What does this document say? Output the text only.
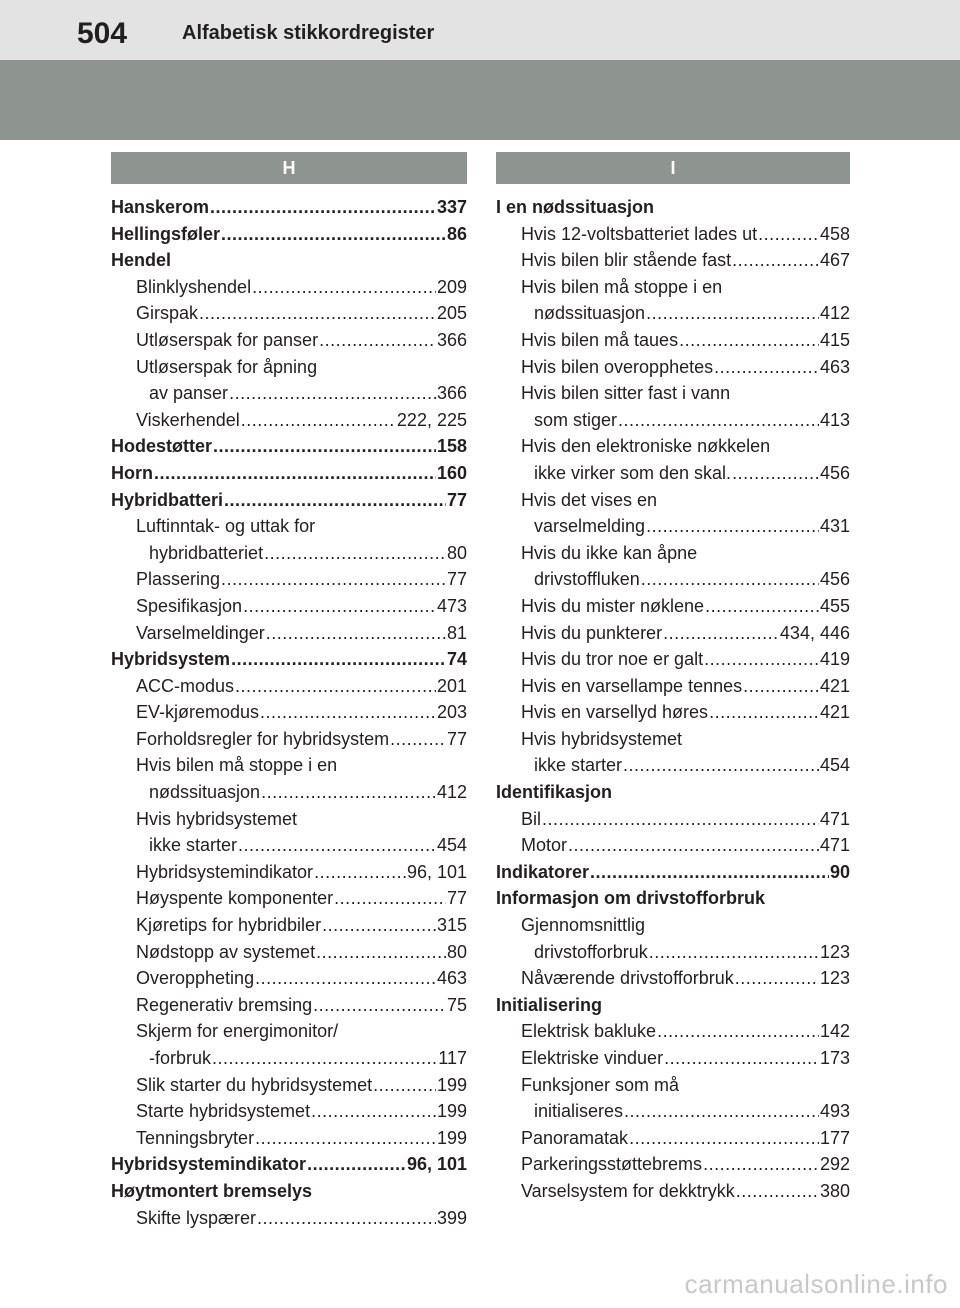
504	Alfabetisk stikkordregister
H
Hanskerom .....	337
Hellingsføler .....	86
Hendel
Blinklyshendel .....	209
Girspak .....	205
Utløserspak for panser .....	366
Utløserspak for åpning
av panser .....	366
Viskerhendel .....	222, 225
Hodestøtter .....	158
Horn .....	160
Hybridbatteri .....	77
Luftinntak- og uttak for
hybridbatteriet .....	80
Plassering .....	77
Spesifikasjon .....	473
Varselmeldinger .....	81
Hybridsystem .....	74
ACC-modus .....	201
EV-kjøremodus .....	203
Forholdsregler for hybridsystem .....	77
Hvis bilen må stoppe i en
nødssituasjon .....	412
Hvis hybridsystemet
ikke starter .....	454
Hybridsystemindikator .....	96, 101
Høyspente komponenter .....	77
Kjøretips for hybridbiler .....	315
Nødstopp av systemet .....	80
Overoppheting .....	463
Regenerativ bremsing .....	75
Skjerm for energimonitor/
-forbruk .....	117
Slik starter du hybridsystemet .....	199
Starte hybridsystemet .....	199
Tenningsbryter .....	199
Hybridsystemindikator .....	96, 101
Høytmontert bremselys
Skifte lyspærer .....	399
I
I en nødssituasjon
Hvis 12-voltsbatteriet lades ut .....	458
Hvis bilen blir stående fast .....	467
Hvis bilen må stoppe i en
nødssituasjon .....	412
Hvis bilen må taues .....	415
Hvis bilen overopphetes .....	463
Hvis bilen sitter fast i vann
som stiger .....	413
Hvis den elektroniske nøkkelen
ikke virker som den skal. .....	456
Hvis det vises en
varselmelding .....	431
Hvis du ikke kan åpne
drivstoffluken .....	456
Hvis du mister nøklene .....	455
Hvis du punkterer .....	434, 446
Hvis du tror noe er galt .....	419
Hvis en varsellampe tennes .....	421
Hvis en varsellyd høres .....	421
Hvis hybridsystemet
ikke starter .....	454
Identifikasjon
Bil .....	471
Motor .....	471
Indikatorer .....	90
Informasjon om drivstofforbruk
Gjennomsnittlig
drivstofforbruk .....	123
Nåværende drivstofforbruk .....	123
Initialisering
Elektrisk bakluke .....	142
Elektriske vinduer .....	173
Funksjoner som må
initialiseres .....	493
Panoramatak .....	177
Parkeringsstøttebrems .....	292
Varselsystem for dekktrykk .....	380
carmanualsonline.info
